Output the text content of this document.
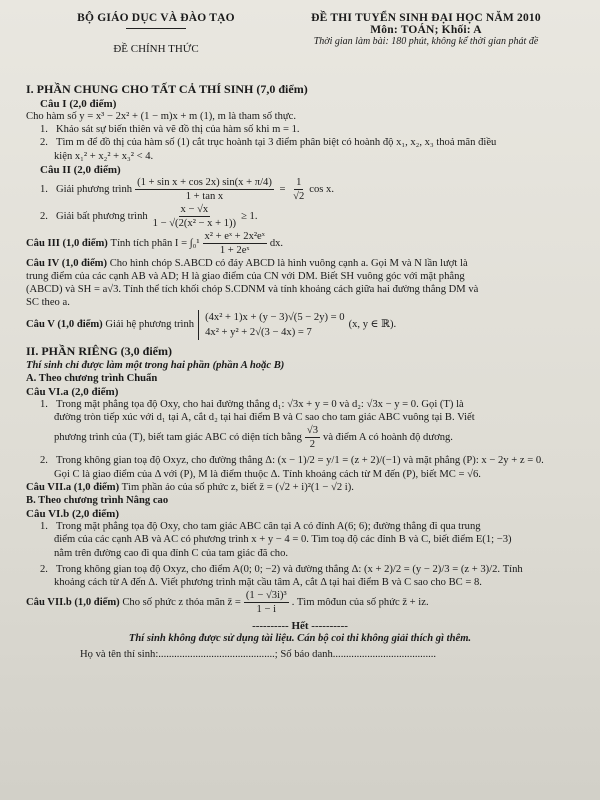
BỘ GIÁO DỤC VÀ ĐÀO TẠO
ĐỀ CHÍNH THỨC
ĐỀ THI TUYỂN SINH ĐẠI HỌC NĂM 2010
Môn: TOÁN; Khối: A
Thời gian làm bài: 180 phút, không kể thời gian phát đề
I. PHẦN CHUNG CHO TẤT CẢ THÍ SINH (7,0 điểm)
Câu I (2,0 điểm)

Cho hàm số y = x³ − 2x² + (1 − m)x + m (1), m là tham số thực.

1. Khảo sát sự biến thiên và vẽ đồ thị của hàm số khi m = 1.

2. Tìm m để đồ thị của hàm số (1) cắt trục hoành tại 3 điểm phân biệt có hoành độ x₁, x₂, x₃ thoả mãn điều

kiện x₁² + x₂² + x₃² < 4.

Câu II (2,0 điểm)
1. Giải phương trình $\frac{\text{(1 + sin x + cos 2x) sin(x + π/4)}}{\text{1 + tan x}} = \frac{1}{√2}$ cos x.
2. Giải bất phương trình $\frac{x - √x}{\text{1 − √(2(x² − x + 1))}} \ge 1$.
Câu III (1,0 điểm)
Tính tích phân
$I = \int_0^1 \frac{\text{x² + eˣ + 2x²eˣ}}{\text{1 + 2eˣ}}$ dx.

Câu IV (1,0 điểm) Cho hình chóp S.ABCD có đáy ABCD là hình vuông cạnh a. Gọi M và N lần lượt là

trung điểm của các cạnh AB và AD; H là giao điểm của CN với DM. Biết SH vuông góc với mặt phẳng

(ABCD) và SH = a√3. Tính thể tích khối chóp S.CDNM và tính khoảng cách giữa hai đường thẳng DM và

SC theo a.

Câu V (1,0 điểm)
Giải hệ phương trình
(4x² + 1)x + (y − 3)√(5 − 2y) = 0
4x² + y² + 2√(3 − 4x) = 7
(x, y ∈ ℝ).
II. PHẦN RIÊNG (3,0 điểm)

Thí sinh chỉ được làm một trong hai phần (phần A hoặc B)

A. Theo chương trình Chuẩn

Câu VI.a (2,0 điểm)

1. Trong mặt phẳng tọa độ Oxy, cho hai đường thẳng d₁: √3x + y = 0 và d₂: √3x − y = 0. Gọi (T) là

đường tròn tiếp xúc với d₁ tại A, cắt d₂ tại hai điểm B và C sao cho tam giác ABC vuông tại B. Viết

phương trình của (T), biết tam giác ABC có diện tích bằng $\frac{√3}{2}$ và điểm A có hoành độ dương.

2. Trong không gian toạ độ Oxyz, cho đường thẳng Δ: (x − 1)/2 = y/1 = (z + 2)/(−1) và mặt phẳng (P): x − 2y + z = 0.

Gọi C là giao điểm của Δ với (P), M là điểm thuộc Δ. Tính khoảng cách từ M đến (P), biết MC = √6.

Câu VII.a (1,0 điểm) Tìm phần ảo của số phức z, biết z̄ = (√2 + i)²(1 − √2 i).

B. Theo chương trình Nâng cao

Câu VI.b (2,0 điểm)

1. Trong mặt phẳng tọa độ Oxy, cho tam giác ABC cân tại A có đỉnh A(6; 6); đường thẳng đi qua trung

điểm của các cạnh AB và AC có phương trình x + y − 4 = 0. Tìm toạ độ các đỉnh B và C, biết điểm E(1; −3)

nằm trên đường cao đi qua đỉnh C của tam giác đã cho.

2. Trong không gian toạ độ Oxyz, cho điểm A(0; 0; −2) và đường thẳng Δ: (x + 2)/2 = (y − 2)/3 = (z + 3)/2. Tính

khoảng cách từ A đến Δ. Viết phương trình mặt cầu tâm A, cắt Δ tại hai điểm B và C sao cho BC = 8.

Câu VII.b (1,0 điểm)
Cho số phức z thỏa mãn z̄ = $\frac{\text{(1 − √3i)³}}{1 - i}$ . Tìm môđun của số phức z̄ + iz.
---------- Hết ----------

Thí sinh không được sử dụng tài liệu. Cán bộ coi thi không giải thích gì thêm.

Họ và tên thí sinh:............................................; Số báo danh.......................................
